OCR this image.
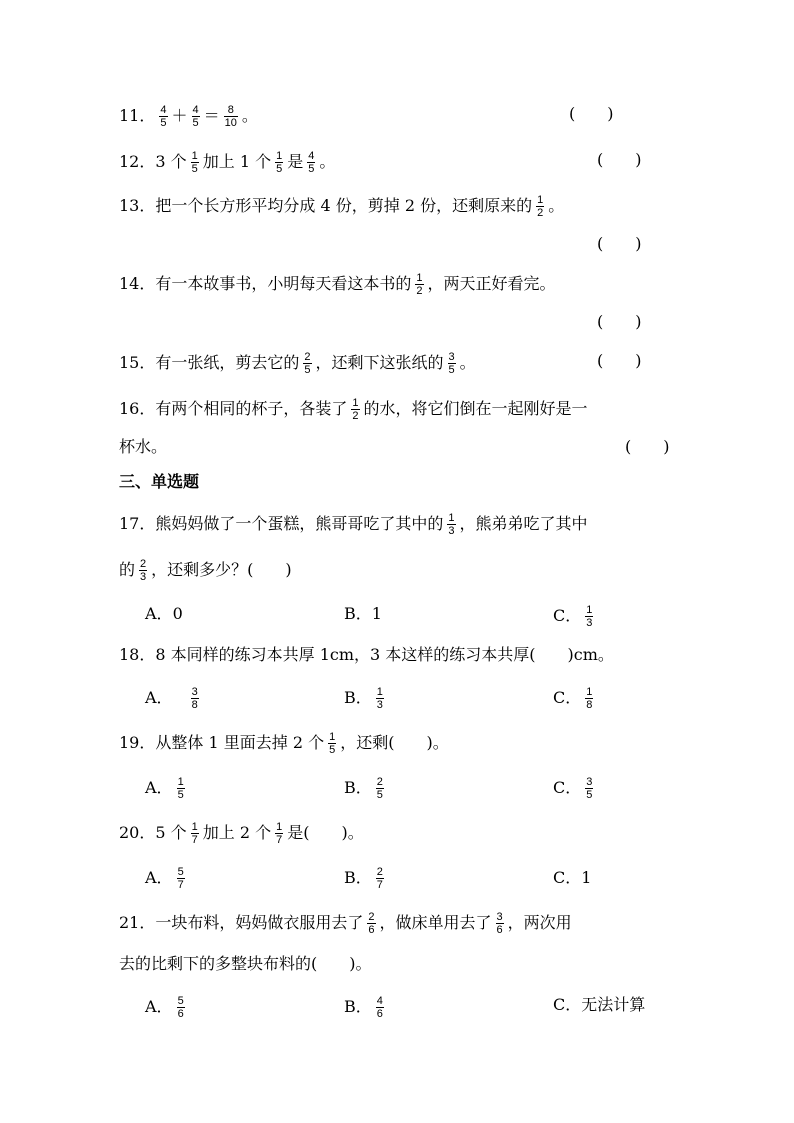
11． $\frac{4}{5} + \frac{4}{5} = \frac{8}{10}$ 。	(　　)
12．3 个 $\frac{1}{5}$ 加上 1 个 $\frac{1}{5}$ 是 $\frac{4}{5}$ 。	(　　)
13．把一个长方形平均分成 4 份，剪掉 2 份，还剩原来的 $\frac{1}{2}$ 。
(　　)
14．有一本故事书，小明每天看这本书的 $\frac{1}{2}$ ，两天正好看完。
(　　)
15．有一张纸，剪去它的 $\frac{2}{5}$ ，还剩下这张纸的 $\frac{3}{5}$ 。	(　　)
16．有两个相同的杯子，各装了 $\frac{1}{2}$ 的水，将它们倒在一起刚好是一
杯水。	(　　)
三、单选题
17．熊妈妈做了一个蛋糕，熊哥哥吃了其中的 $\frac{1}{3}$ ，熊弟弟吃了其中
的 $\frac{2}{3}$ ，还剩多少？(　　)
A．0	B．1	C． $\frac{1}{3}$
18．8 本同样的练习本共厚 1cm，3 本这样的练习本共厚(　　)cm。
A． $\frac{3}{8}$	B． $\frac{1}{3}$	C． $\frac{1}{8}$
19．从整体 1 里面去掉 2 个 $\frac{1}{5}$ ，还剩(　　)。
A． $\frac{1}{5}$	B． $\frac{2}{5}$	C． $\frac{3}{5}$
20．5 个 $\frac{1}{7}$ 加上 2 个 $\frac{1}{7}$ 是(　　)。
A． $\frac{5}{7}$	B． $\frac{2}{7}$	C．1
21．一块布料，妈妈做衣服用去了 $\frac{2}{6}$ ，做床单用去了 $\frac{3}{6}$ ，两次用
去的比剩下的多整块布料的(　　)。
A． $\frac{5}{6}$	B． $\frac{4}{6}$	C．无法计算
